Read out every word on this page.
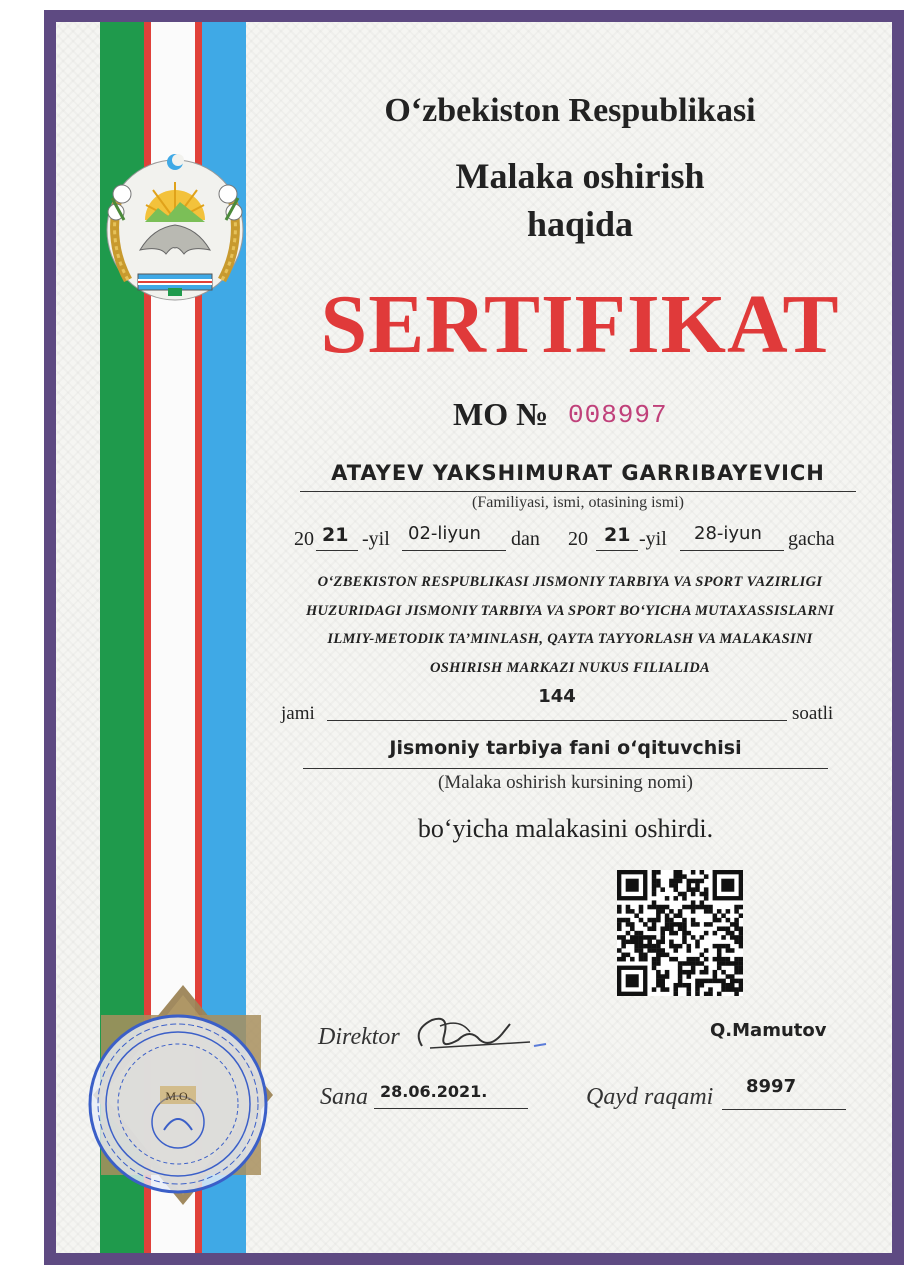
O‘zbekiston Respublikasi
Malaka oshirish
haqida
SERTIFIKAT
MO № 008997
ATAYEV YAKSHIMURAT GARRIBAYEVICH
(Familiyasi, ismi, otasining ismi)
20 21 -yil 02-liyun dan 20 21 -yil 28-iyun gacha
O‘ZBEKISTON RESPUBLIKASI JISMONIY TARBIYA VA SPORT VAZIRLIGI
HUZURIDAGI JISMONIY TARBIYA VA SPORT BO‘YICHA MUTAXASSISLARNI
ILMIY-METODIK TA’MINLASH, QAYTA TAYYORLASH VA MALAKASINI
OSHIRISH MARKAZI NUKUS FILIALIDA
jami
144
soatli
Jismoniy tarbiya fani o‘qituvchisi
(Malaka oshirish kursining nomi)
bo‘yicha malakasini oshirdi.
M.O.
Direktor	Q.Mamutov
Sana 28.06.2021.	Qayd raqami 8997
